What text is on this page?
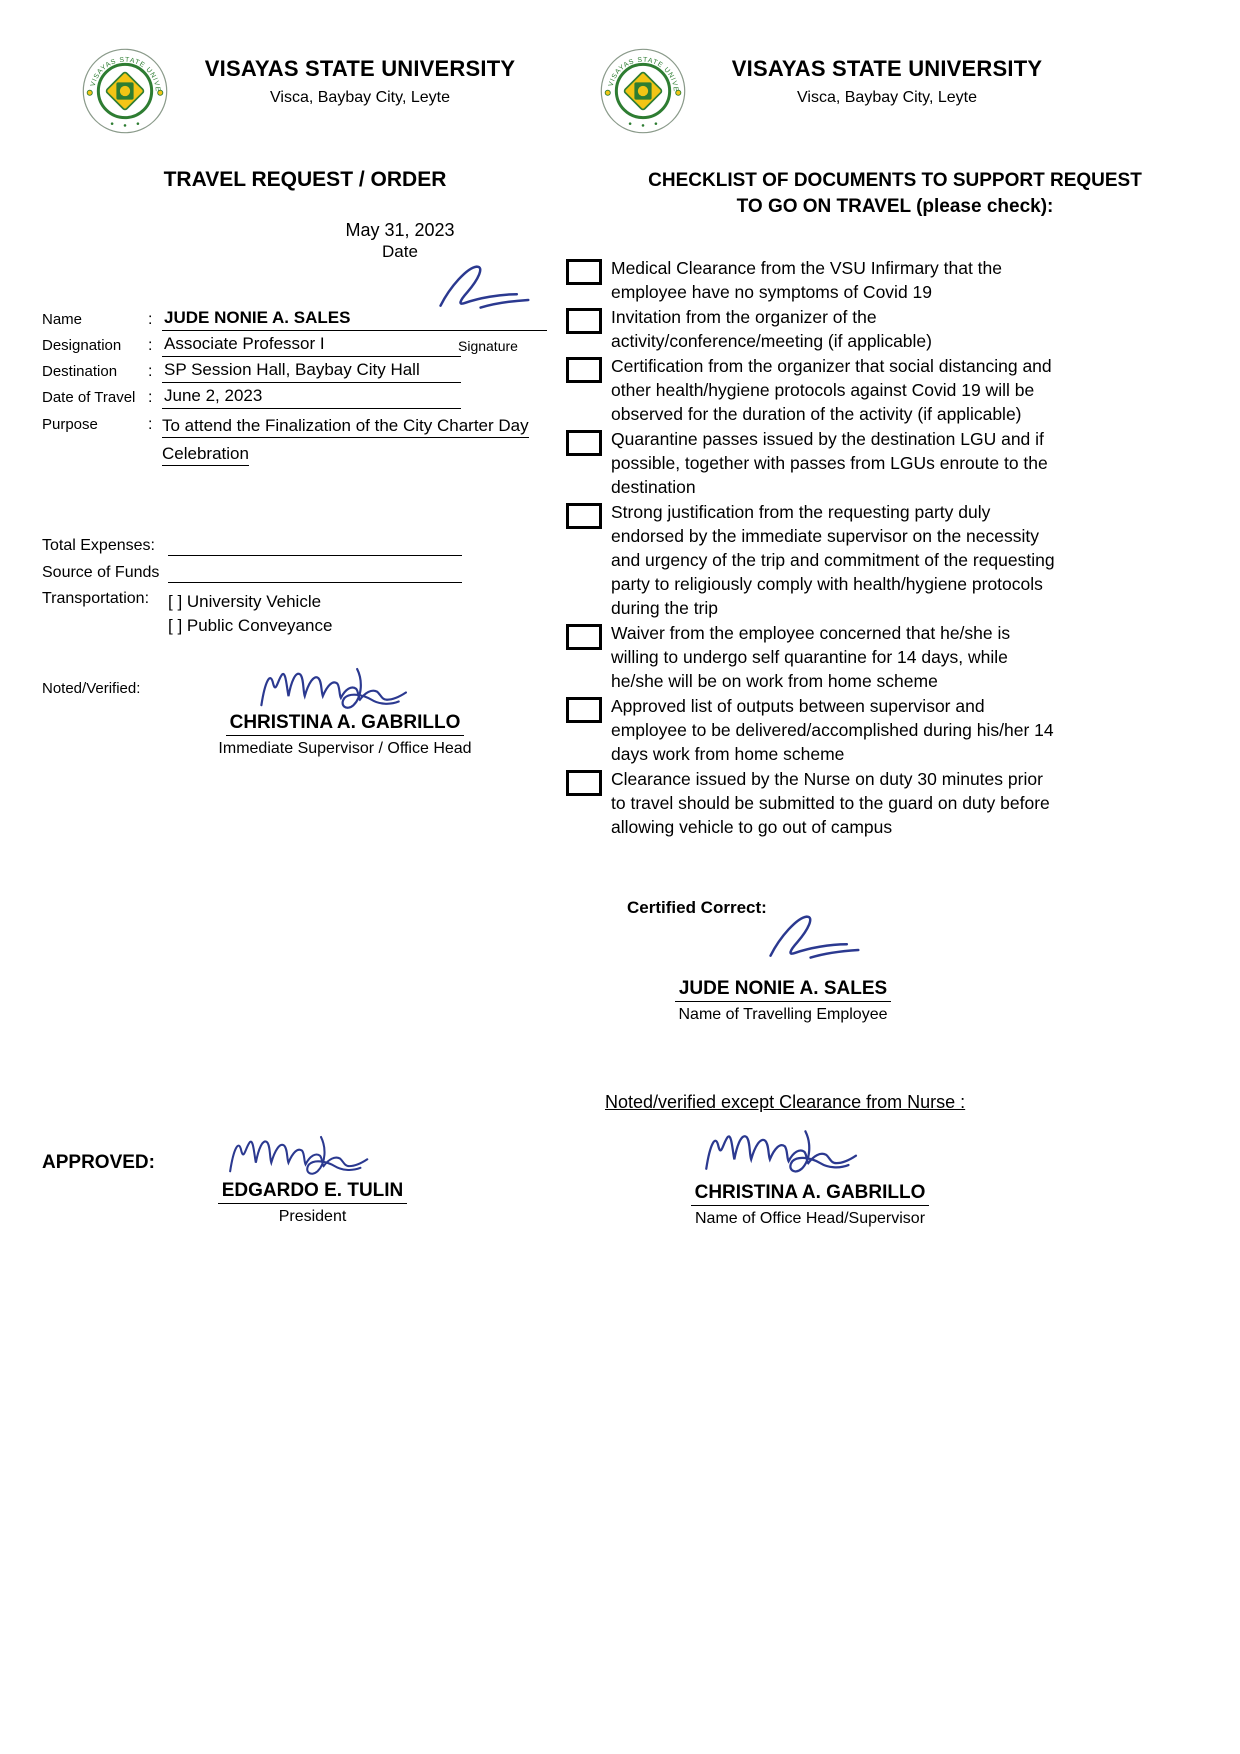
VISAYAS STATE UNIVERSITY
Visca, Baybay City, Leyte
VISAYAS STATE UNIVERSITY
Visca, Baybay City, Leyte
TRAVEL REQUEST / ORDER
May 31, 2023
Date
Name	: JUDE NONIE A. SALES
Designation	: Associate Professor I
Destination	: SP Session Hall, Baybay City Hall
Date of Travel : June 2, 2023
Purpose	: To attend the Finalization of the City Charter Day Celebration
Signature
Total Expenses:
Source of Funds
Transportation:	[ ] University Vehicle
[ ] Public Conveyance
Noted/Verified:
CHRISTINA A. GABRILLO
Immediate Supervisor / Office Head
APPROVED:
EDGARDO E. TULIN
President
CHECKLIST OF DOCUMENTS TO SUPPORT REQUEST
TO GO ON TRAVEL (please check):
Medical Clearance from the VSU Infirmary that the employee have no symptoms of Covid 19
Invitation from the organizer of the activity/conference/meeting (if applicable)
Certification from the organizer that social distancing and other health/hygiene protocols against Covid 19 will be observed for the duration of the activity (if applicable)
Quarantine passes issued by the destination LGU and if possible, together with passes from LGUs enroute to the destination
Strong justification from the requesting party duly endorsed by the immediate supervisor on the necessity and urgency of the trip and commitment of the requesting party to religiously comply with health/hygiene protocols during the trip
Waiver from the employee concerned that he/she is willing to undergo self quarantine for 14 days, while he/she will be on work from home scheme
Approved list of outputs between supervisor and employee to be delivered/accomplished during his/her 14 days work from home scheme
Clearance issued by the Nurse on duty 30 minutes prior to travel should be submitted to the guard on duty before allowing vehicle to go out of campus
Certified Correct:
JUDE NONIE A. SALES
Name of Travelling Employee
Noted/verified except Clearance from Nurse :
CHRISTINA A. GABRILLO
Name of Office Head/Supervisor
